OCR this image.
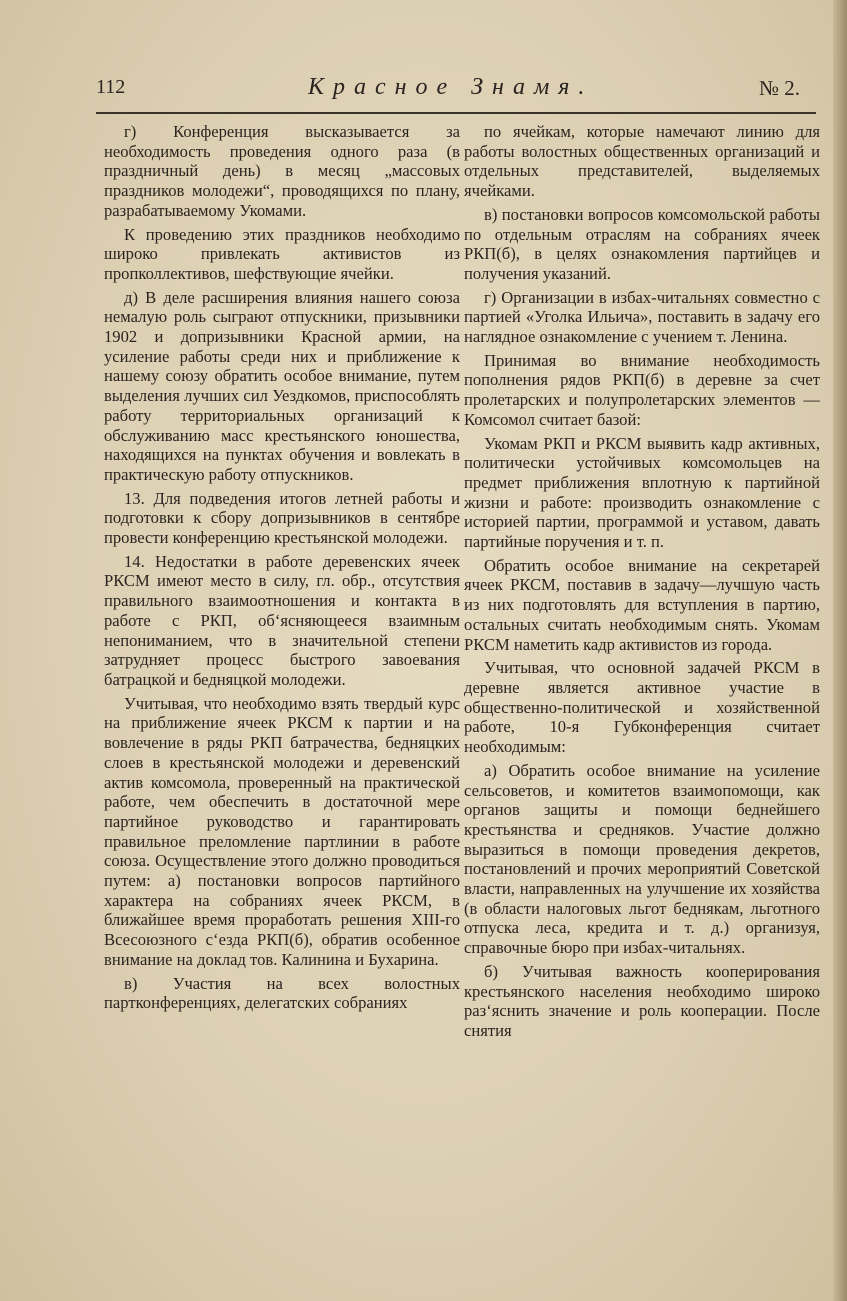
112	Красное Знамя.	№ 2.

г) Конференция высказывается за необходимость проведения одного раза (в праздничный день) в месяц „массовых праздников молодежи“, проводящихся по плану, разрабатываемому Укомами.

К проведению этих праздников необходимо широко привлекать активистов из пропколлективов, шефствующие ячейки.

д) В деле расширения влияния нашего союза немалую роль сыграют отпускники, призывники 1902 и допризывники Красной армии, на усиление работы среди них и приближение к нашему союзу обратить особое внимание, путем выделения лучших сил Уездкомов, приспособлять работу территориальных организаций к обслуживанию масс крестьянского юношества, находящихся на пунктах обучения и вовлекать в практическую работу отпускников.

13. Для подведения итогов летней работы и подготовки к сбору допризывников в сентябре провести конференцию крестьянской молодежи.

14. Недостатки в работе деревенских ячеек РКСМ имеют место в силу, гл. обр., отсутствия правильного взаимоотношения и контакта в работе с РКП, об‘ясняющееся взаимным непониманием, что в значительной степени затрудняет процесс быстрого завоевания батрацкой и бедняцкой молодежи.

Учитывая, что необходимо взять твердый курс на приближение ячеек РКСМ к партии и на вовлечение в ряды РКП батрачества, бедняцких слоев в крестьянской молодежи и деревенский актив комсомола, проверенный на практической работе, чем обеспечить в достаточной мере партийное руководство и гарантировать правильное преломление партлинии в работе союза. Осуществление этого должно проводиться путем: а) постановки вопросов партийного характера на собраниях ячеек РКСМ, в ближайшее время проработать решения XIII-го Всесоюзного с‘езда РКП(б), обратив особенное внимание на доклад тов. Калинина и Бухарина.

в) Участия на всех волостных партконференциях, делегатских собраниях

по ячейкам, которые намечают линию для работы волостных общественных организаций и отдельных представителей, выделяемых ячейками.

в) постановки вопросов комсомольской работы по отдельным отраслям на собраниях ячеек РКП(б), в целях ознакомления партийцев и получения указаний.

г) Организации в избах-читальнях совместно с партией «Уголка Ильича», поставить в задачу его наглядное ознакомление с учением т. Ленина.

Принимая во внимание необходимость пополнения рядов РКП(б) в деревне за счет пролетарских и полупролетарских элементов — Комсомол считает базой:

Укомам РКП и РКСМ выявить кадр активных, политически устойчивых комсомольцев на предмет приближения вплотную к партийной жизни и работе: производить ознакомление с историей партии, программой и уставом, давать партийные поручения и т. п.

Обратить особое внимание на секретарей ячеек РКСМ, поставив в задачу—лучшую часть из них подготовлять для вступления в партию, остальных считать необходимым снять. Укомам РКСМ наметить кадр активистов из города.

Учитывая, что основной задачей РКСМ в деревне является активное участие в общественно-политической и хозяйственной работе, 10-я Губконференция считает необходимым:

а) Обратить особое внимание на усиление сельсоветов, и комитетов взаимопомощи, как органов защиты и помощи беднейшего крестьянства и средняков. Участие должно выразиться в помощи проведения декретов, постановлений и прочих мероприятий Советской власти, направленных на улучшение их хозяйства (в области налоговых льгот беднякам, льготного отпуска леса, кредита и т. д.) организуя, справочные бюро при избах-читальнях.

б) Учитывая важность кооперирования крестьянского населения необходимо широко раз‘яснить значение и роль кооперации. После снятия
